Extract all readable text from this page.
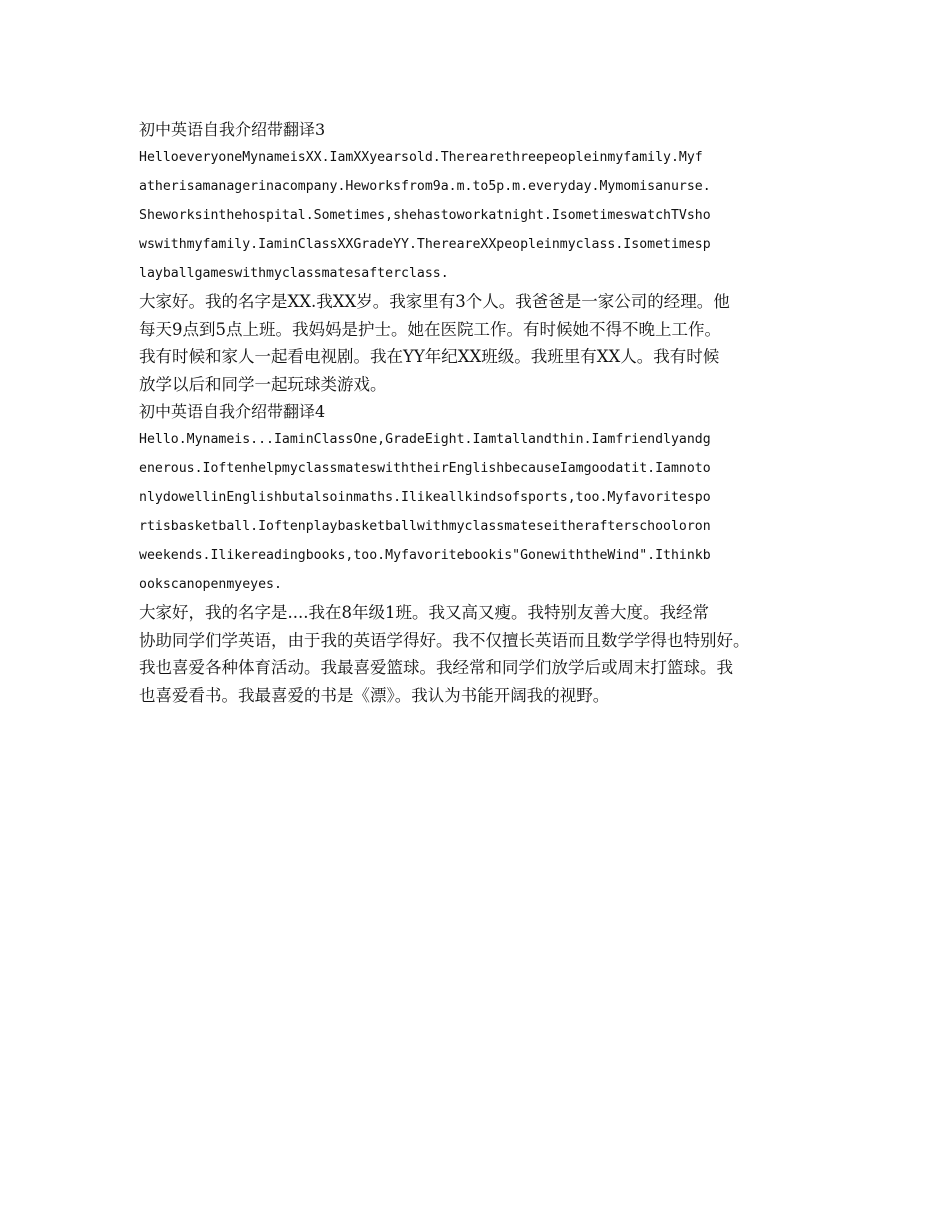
初中英语自我介绍带翻译3
HelloeveryoneMynameisXX.IamXXyearsold.Therearethreepeopleinmyfamily.Myf
atherisamanagerinacompany.Heworksfrom9a.m.to5p.m.everyday.Mymomisanurse.
Sheworksinthehospital.Sometimes,shehastoworkatnight.IsometimeswatchTVsho
wswithmyfamily.IaminClassXXGradeYY.ThereareXXpeopleinmyclass.Isometimesp
layballgameswithmyclassmatesafterclass.
大家好。我的名字是XX.我XX岁。我家里有3个人。我爸爸是一家公司的经理。他
每天9点到5点上班。我妈妈是护士。她在医院工作。有时候她不得不晚上工作。
我有时候和家人一起看电视剧。我在YY年纪XX班级。我班里有XX人。我有时候
放学以后和同学一起玩球类游戏。
初中英语自我介绍带翻译4
Hello.Mynameis...IaminClassOne,GradeEight.Iamtallandthin.Iamfriendlyandg
enerous.IoftenhelpmyclassmateswiththeirEnglishbecauseIamgoodatit.Iamnoto
nlydowellinEnglishbutalsoinmaths.Ilikeallkindsofsports,too.Myfavoritespo
rtisbasketball.Ioftenplaybasketballwithmyclassmateseitherafterschooloron
weekends.Ilikereadingbooks,too.Myfavoritebookis"GonewiththeWind".Ithinkb
ookscanopenmyeyes.
大家好，我的名字是....我在8年级1班。我又高又瘦。我特别友善大度。我经常
协助同学们学英语，由于我的英语学得好。我不仅擅长英语而且数学学得也特别好。
我也喜爱各种体育活动。我最喜爱篮球。我经常和同学们放学后或周末打篮球。我
也喜爱看书。我最喜爱的书是《漂》。我认为书能开阔我的视野。
